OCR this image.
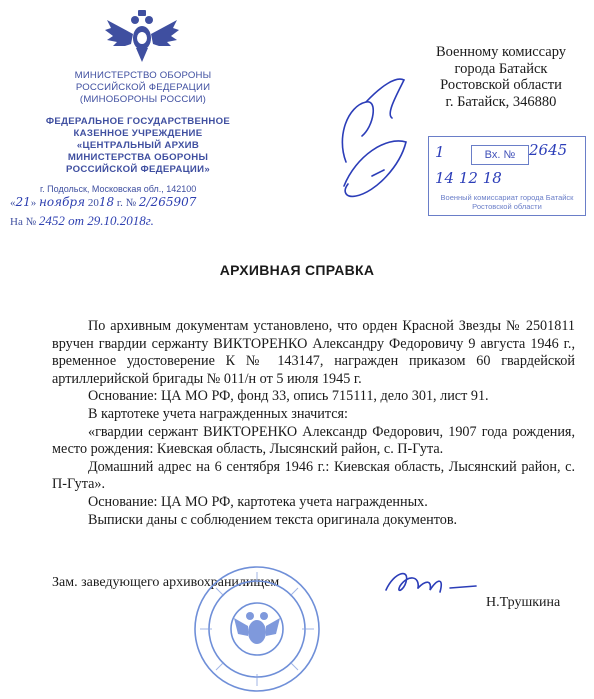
МИНИСТЕРСТВО ОБОРОНЫ
РОССИЙСКОЙ ФЕДЕРАЦИИ
(МИНОБОРОНЫ РОССИИ)
ФЕДЕРАЛЬНОЕ ГОСУДАРСТВЕННОЕ
КАЗЕННОЕ УЧРЕЖДЕНИЕ
«ЦЕНТРАЛЬНЫЙ АРХИВ
МИНИСТЕРСТВА ОБОРОНЫ
РОССИЙСКОЙ ФЕДЕРАЦИИ»
г. Подольск, Московская обл., 142100
«21» ноября 2018 г. № 2/265907
На № 2452 от 29.10.2018г.
Военному комиссару
города Батайск
Ростовской области
г. Батайск, 346880
1	Вх. № 2645
14 12 18
Военный комиссариат города Батайск Ростовской области
АРХИВНАЯ СПРАВКА

По архивным документам установлено, что орден Красной Звезды № 2501811 вручен гвардии сержанту ВИКТОРЕНКО Александру Федоровичу 9 августа 1946 г., временное удостоверение К № 143147, награжден приказом 60 гвардейской артиллерийской бригады № 011/н от 5 июля 1945 г.

Основание: ЦА МО РФ, фонд 33, опись 715111, дело 301, лист 91.

В картотеке учета награжденных значится:

«гвардии сержант ВИКТОРЕНКО Александр Федорович, 1907 года рождения, место рождения: Киевская область, Лысянский район, с. П-Гута.

Домашний адрес на 6 сентября 1946 г.: Киевская область, Лысянский район, с. П-Гута».

Основание: ЦА МО РФ, картотека учета награжденных.

Выписки даны с соблюдением текста оригинала документов.

Зам. заведующего архивохранилищем
Н.Трушкина
